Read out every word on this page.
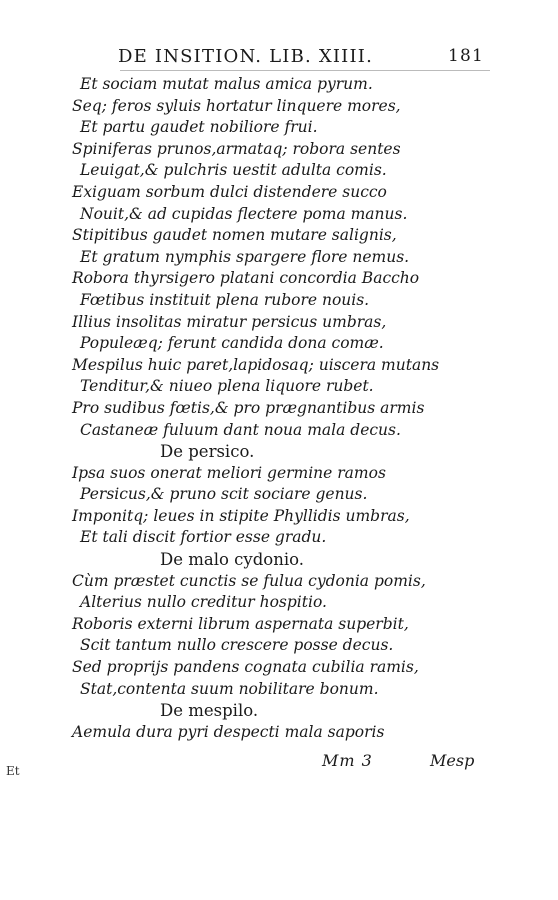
DE INSITION. LIB. XIIII.	181
Et sociam mutat malus amica pyrum.
Seq; feros syluis hortatur linquere mores,
Et partu gaudet nobiliore frui.
Spiniferas prunos,armataq; robora sentes
Leuigat,& pulchris uestit adulta comis.
Exiguam sorbum dulci distendere succo
Nouit,& ad cupidas flectere poma manus.
Stipitibus gaudet nomen mutare salignis,
Et gratum nymphis spargere flore nemus.
Robora thyrsigero platani concordia Baccho
Fœtibus instituit plena rubore nouis.
Illius insolitas miratur persicus umbras,
Populeæq; ferunt candida dona comæ.
Mespilus huic paret,lapidosaq; uiscera mutans
Tenditur,& niueo plena liquore rubet.
Pro sudibus fœtis,& pro prægnantibus armis
Castaneæ fuluum dant noua mala decus.
De persico.
Ipsa suos onerat meliori germine ramos
Persicus,& pruno scit sociare genus.
Imponitq; leues in stipite Phyllidis umbras,
Et tali discit fortior esse gradu.
De malo cydonio.
Cùm præstet cunctis se fulua cydonia pomis,
Alterius nullo creditur hospitio.
Roboris externi librum aspernata superbit,
Scit tantum nullo crescere posse decus.
Sed proprijs pandens cognata cubilia ramis,
Stat,contenta suum nobilitare bonum.
De mespilo.
Aemula dura pyri despecti mala saporis
Et
Mm 3	Mesp
